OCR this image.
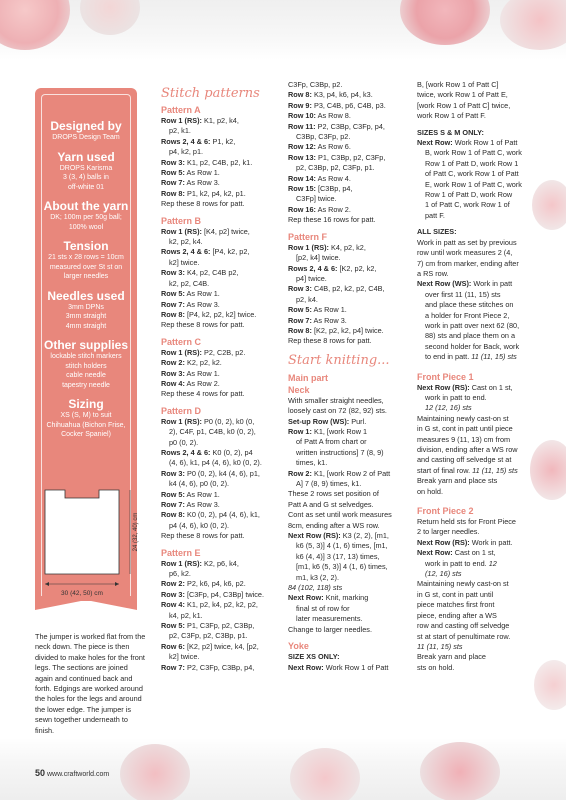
Designed by
DROPS Design Team
Yarn used
DROPS Karisma
3 (3, 4) balls in
off-white 01
About the yarn
DK; 100m per 50g ball;
100% wool
Tension
21 sts x 28 rows = 10cm
measured over St st on
larger needles
Needles used
3mm DPNs
3mm straight
4mm straight
Other supplies
lockable stitch markers
stitch holders
cable needle
tapestry needle
Sizing
XS (S, M) to suit
Chihuahua (Bichon Frise,
Cocker Spaniel)
24 (32, 40) cm
30 (42, 50) cm
The jumper is worked flat from the neck down. The piece is then divided to make holes for the front legs. The sections are joined again and continued back and forth. Edgings are worked around the holes for the legs and around the lower edge. The jumper is sewn together underneath to finish.
Stitch patterns
Pattern A
Row 1 (RS): K1, p2, k4,
p2, k1.
Rows 2, 4 & 6: P1, k2,
p4, k2, p1.
Row 3: K1, p2, C4B, p2, k1.
Row 5: As Row 1.
Row 7: As Row 3.
Row 8: P1, k2, p4, k2, p1.
Rep these 8 rows for patt.
Pattern B
Row 1 (RS): [K4, p2] twice,
k2, p2, k4.
Rows 2, 4 & 6: [P4, k2, p2,
k2] twice.
Row 3: K4, p2, C4B p2,
k2, p2, C4B.
Row 5: As Row 1.
Row 7: As Row 3.
Row 8: [P4, k2, p2, k2] twice.
Rep these 8 rows for patt.
Pattern C
Row 1 (RS): P2, C2B, p2.
Row 2: K2, p2, k2.
Row 3: As Row 1.
Row 4: As Row 2.
Rep these 4 rows for patt.
Pattern D
Row 1 (RS): P0 (0, 2), k0 (0,
2), C4F, p1, C4B, k0 (0, 2),
p0 (0, 2).
Rows 2, 4 & 6: K0 (0, 2), p4
(4, 6), k1, p4 (4, 6), k0 (0, 2).
Row 3: P0 (0, 2), k4 (4, 6), p1,
k4 (4, 6), p0 (0, 2).
Row 5: As Row 1.
Row 7: As Row 3.
Row 8: K0 (0, 2), p4 (4, 6), k1,
p4 (4, 6), k0 (0, 2).
Rep these 8 rows for patt.
Pattern E
Row 1 (RS): K2, p6, k4,
p6, k2.
Row 2: P2, k6, p4, k6, p2.
Row 3: [C3Fp, p4, C3Bp] twice.
Row 4: K1, p2, k4, p2, k2, p2,
k4, p2, k1.
Row 5: P1, C3Fp, p2, C3Bp,
p2, C3Fp, p2, C3Bp, p1.
Row 6: [K2, p2] twice, k4, [p2,
k2] twice.
Row 7: P2, C3Fp, C3Bp, p4,
C3Fp, C3Bp, p2.
Row 8: K3, p4, k6, p4, k3.
Row 9: P3, C4B, p6, C4B, p3.
Row 10: As Row 8.
Row 11: P2, C3Bp, C3Fp, p4,
C3Bp, C3Fp, p2.
Row 12: As Row 6.
Row 13: P1, C3Bp, p2, C3Fp,
p2, C3Bp, p2, C3Fp, p1.
Row 14: As Row 4.
Row 15: [C3Bp, p4,
C3Fp] twice.
Row 16: As Row 2.
Rep these 16 rows for patt.
Pattern F
Row 1 (RS): K4, p2, k2,
[p2, k4] twice.
Rows 2, 4 & 6: [K2, p2, k2,
p4] twice.
Row 3: C4B, p2, k2, p2, C4B,
p2, k4.
Row 5: As Row 1.
Row 7: As Row 3.
Row 8: [K2, p2, k2, p4] twice.
Rep these 8 rows for patt.
Start knitting...
Main part
Neck
With smaller straight needles,
loosely cast on 72 (82, 92) sts.
Set-up Row (WS): Purl.
Row 1: K1, [work Row 1
of Patt A from chart or
written instructions] 7 (8, 9)
times, k1.
Row 2: K1, [work Row 2 of Patt
A] 7 (8, 9) times, k1.
These 2 rows set position of
Patt A and G st selvedges.
Cont as set until work measures
8cm, ending after a WS row.
Next Row (RS): K3 (2, 2), [m1,
k6 (5, 3)] 4 (1, 6) times, [m1,
k6 (4, 4)] 3 (17, 13) times,
[m1, k6 (5, 3)] 4 (1, 6) times,
m1, k3 (2, 2).
84 (102, 118) sts
Next Row: Knit, marking
final st of row for
later measurements.
Change to larger needles.
Yoke
SIZE XS ONLY:
Next Row: Work Row 1 of Patt
B, [work Row 1 of Patt C]
twice, work Row 1 of Patt E,
[work Row 1 of Patt C] twice,
work Row 1 of Patt F.
SIZES S & M ONLY:
Next Row: Work Row 1 of Patt
B, work Row 1 of Patt C, work
Row 1 of Patt D, work Row 1
of Patt C, work Row 1 of Patt
E, work Row 1 of Patt C, work
Row 1 of Patt D, work Row
1 of Patt C, work Row 1 of
patt F.
ALL SIZES:
Work in patt as set by previous
row until work measures 2 (4,
7) cm from marker, ending after
a RS row.
Next Row (WS): Work in patt
over first 11 (11, 15) sts
and place these stitches on
a holder for Front Piece 2,
work in patt over next 62 (80,
88) sts and place them on a
second holder for Back, work
to end in patt. 11 (11, 15) sts
Front Piece 1
Next Row (RS): Cast on 1 st,
work in patt to end.
12 (12, 16) sts
Maintaining newly cast-on st
in G st, cont in patt until piece
measures 9 (11, 13) cm from
division, ending after a WS row
and casting off selvedge st at
start of final row. 11 (11, 15) sts
Break yarn and place sts
on hold.
Front Piece 2
Return held sts for Front Piece
2 to larger needles.
Next Row (RS): Work in patt.
Next Row: Cast on 1 st,
work in patt to end. 12
(12, 16) sts
Maintaining newly cast-on st
in G st, cont in patt until
piece matches first front
piece, ending after a WS
row and casting off selvedge
st at start of penultimate row.
11 (11, 15) sts
Break yarn and place
sts on hold.
50 www.craftworld.com
